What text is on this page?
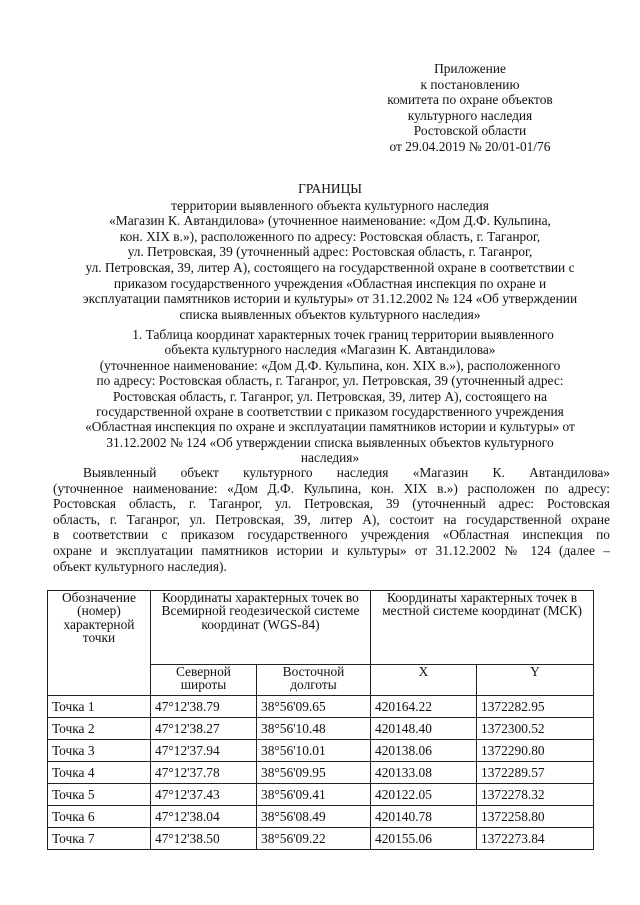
Приложение
к постановлению
комитета по охране объектов
культурного наследия
Ростовской области
от 29.04.2019 № 20/01-01/76
ГРАНИЦЫ
территории выявленного объекта культурного наследия
«Магазин К. Автандилова» (уточненное наименование: «Дом Д.Ф. Кульпина,
кон. XIX в.»), расположенного по адресу: Ростовская область, г. Таганрог,
ул. Петровская, 39 (уточненный адрес: Ростовская область, г. Таганрог,
ул. Петровская, 39, литер А), состоящего на государственной охране в соответствии с
приказом государственного учреждения «Областная инспекция по охране и
эксплуатации памятников истории и культуры» от 31.12.2002 № 124 «Об утверждении
списка выявленных объектов культурного наследия»
1. Таблица координат характерных точек границ территории выявленного
объекта культурного наследия «Магазин К. Автандилова»
(уточненное наименование: «Дом Д.Ф. Кульпина, кон. XIX в.»), расположенного
по адресу: Ростовская область, г. Таганрог, ул. Петровская, 39 (уточненный адрес:
Ростовская область, г. Таганрог, ул. Петровская, 39, литер А), состоящего на
государственной охране в соответствии с приказом государственного учреждения
«Областная инспекция по охране и эксплуатации памятников истории и культуры» от
31.12.2002 № 124 «Об утверждении списка выявленных объектов культурного
наследия»
Выявленный объект культурного наследия «Магазин К. Автандилова»
(уточненное наименование: «Дом Д.Ф. Кульпина, кон. XIX в.») расположен по адресу:
Ростовская область, г. Таганрог, ул. Петровская, 39 (уточненный адрес: Ростовская
область, г. Таганрог, ул. Петровская, 39, литер А), состоит на государственной охране
в соответствии с приказом государственного учреждения «Областная инспекция по
охране и эксплуатации памятников истории и культуры» от 31.12.2002 № 124 (далее –
объект культурного наследия).
Обозначение (номер) характерной точки	Координаты характерных точек во Всемирной геодезической системе координат (WGS-84)		Координаты характерных точек в местной системе координат (МСК)	
	Северной широты	Восточной долготы	X	Y
Точка 1	47°12'38.79	38°56'09.65	420164.22	1372282.95
Точка 2	47°12'38.27	38°56'10.48	420148.40	1372300.52
Точка 3	47°12'37.94	38°56'10.01	420138.06	1372290.80
Точка 4	47°12'37.78	38°56'09.95	420133.08	1372289.57
Точка 5	47°12'37.43	38°56'09.41	420122.05	1372278.32
Точка 6	47°12'38.04	38°56'08.49	420140.78	1372258.80
Точка 7	47°12'38.50	38°56'09.22	420155.06	1372273.84
